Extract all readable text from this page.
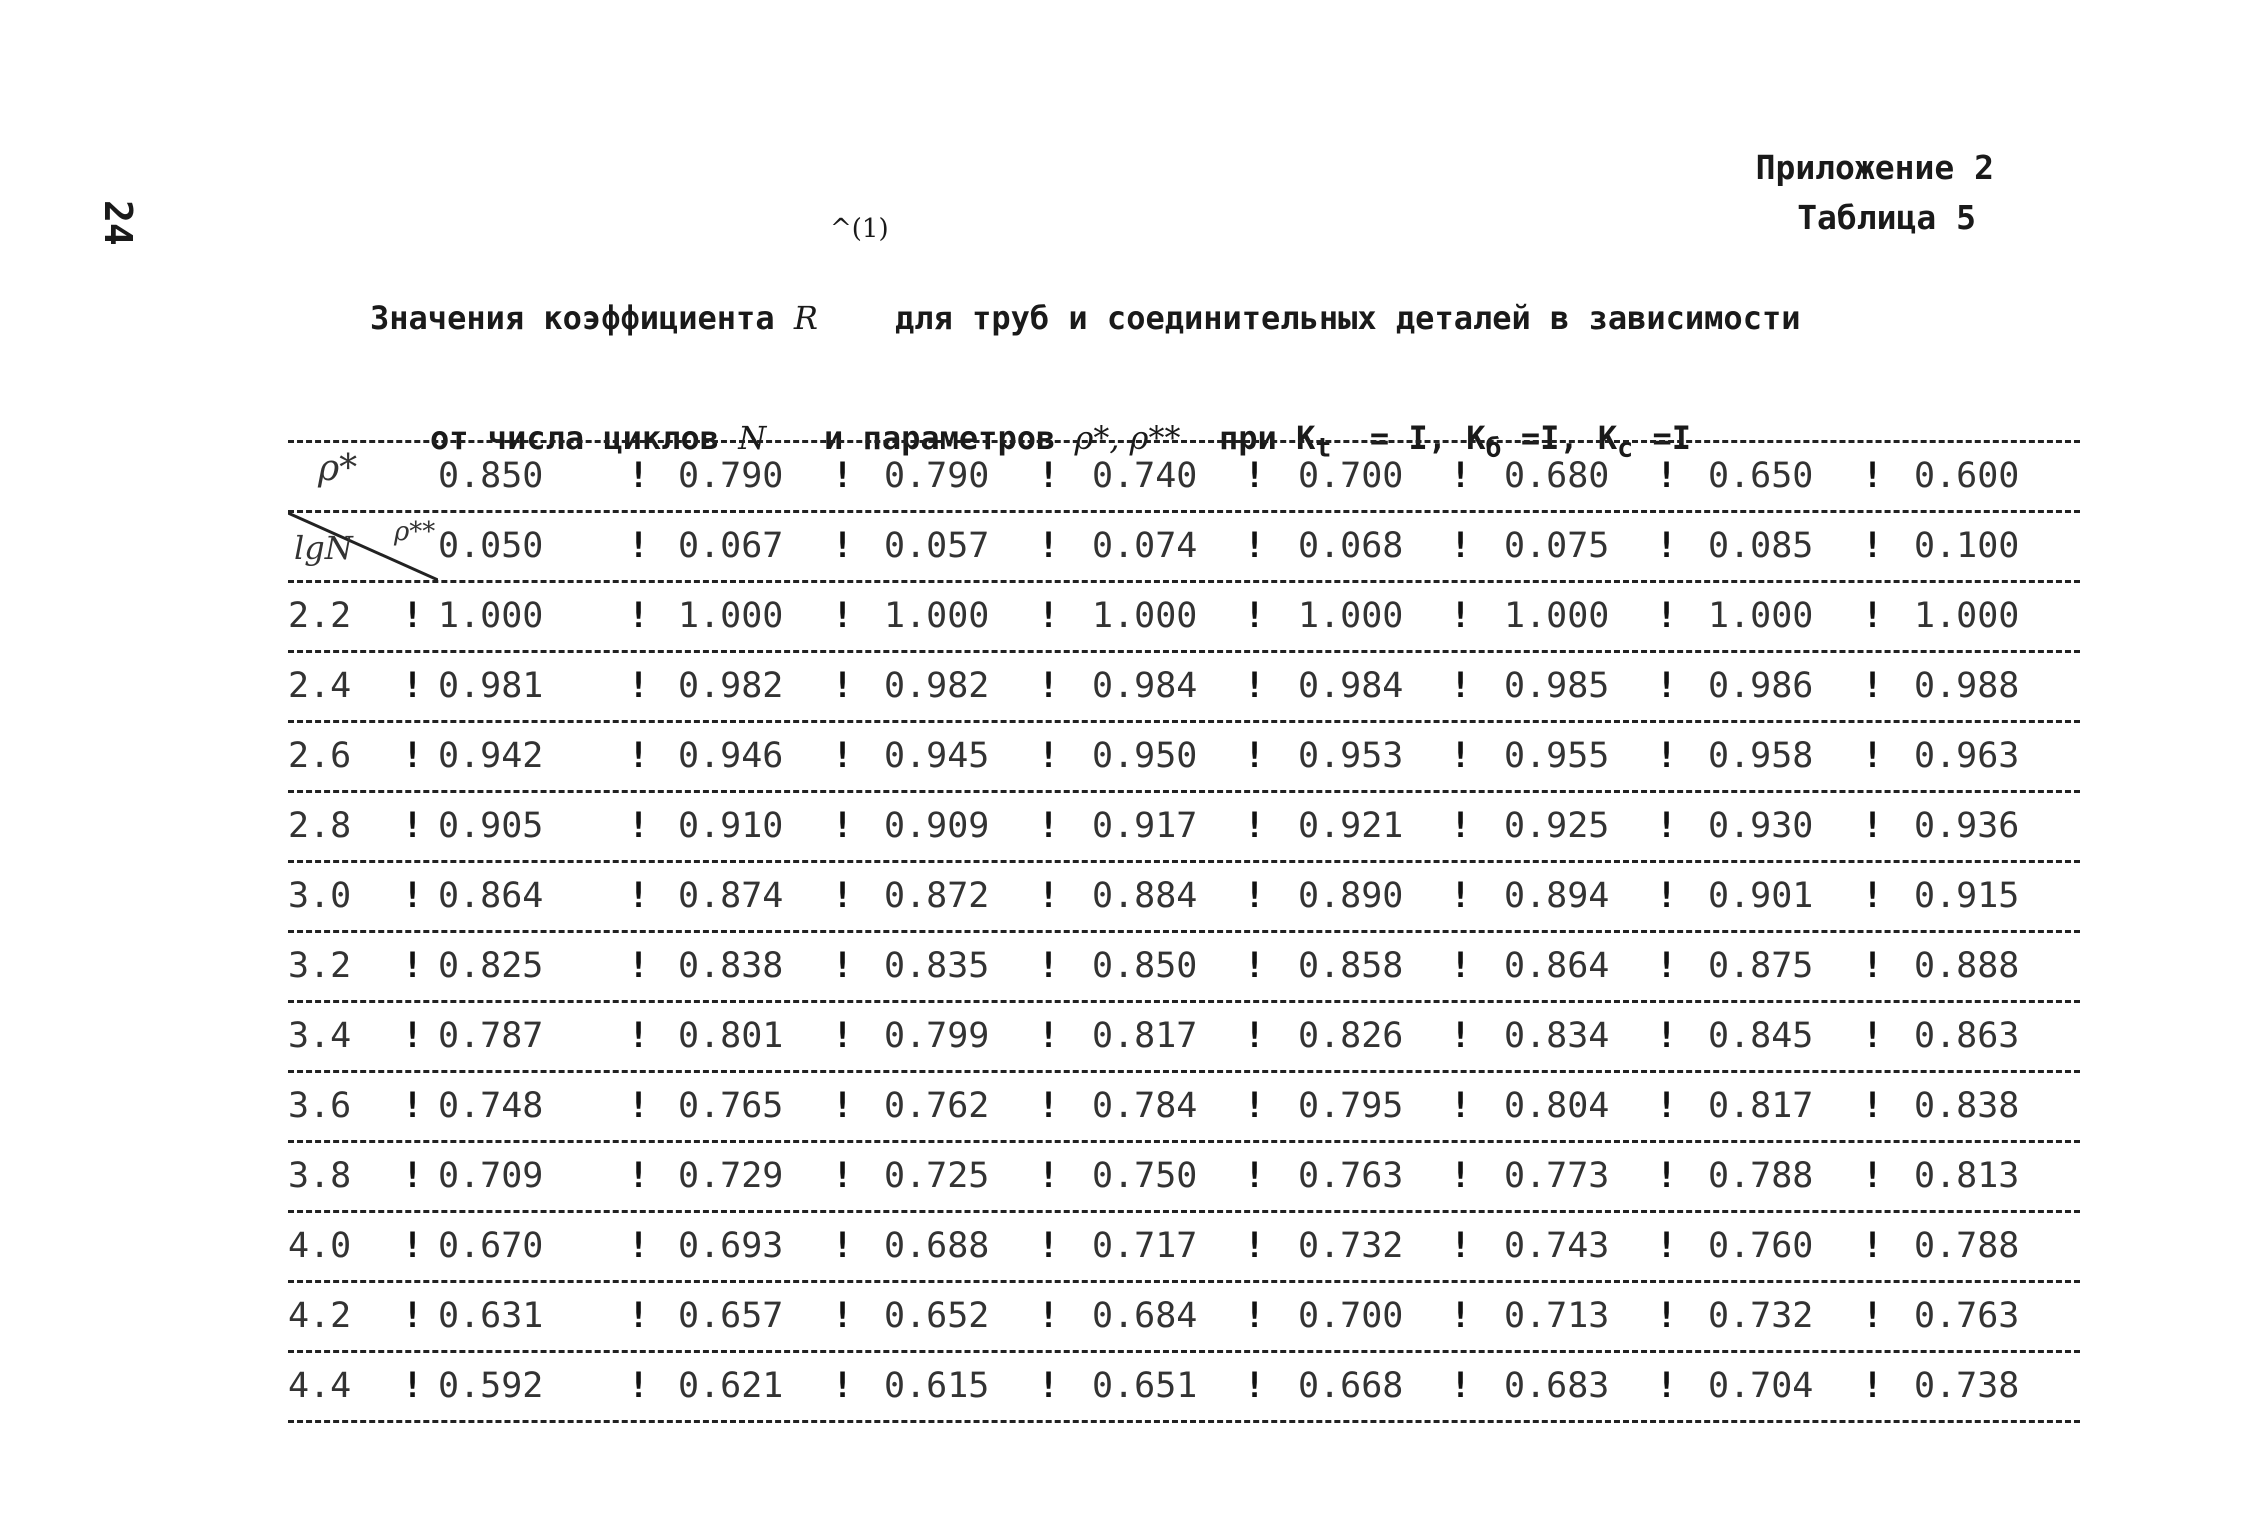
24
Приложение 2
Таблица 5
^(1)

Значения коэффициента R    для труб и соединительных деталей в зависимости

от числа циклов N   и параметров ρ*, ρ**  при $K_t = I$, $K_б =I$, $K_c =I$

ρ* 0.850 ! 0.790 ! 0.790 ! 0.740 ! 0.700 ! 0.680 ! 0.650 ! 0.600
lgN ρ** 0.050 ! 0.067 ! 0.057 ! 0.074 ! 0.068 ! 0.075 ! 0.085 ! 0.100
2.2 ! 1.000 ! 1.000 ! 1.000 ! 1.000 ! 1.000 ! 1.000 ! 1.000 ! 1.000
2.4 ! 0.981 ! 0.982 ! 0.982 ! 0.984 ! 0.984 ! 0.985 ! 0.986 ! 0.988
2.6 ! 0.942 ! 0.946 ! 0.945 ! 0.950 ! 0.953 ! 0.955 ! 0.958 ! 0.963
2.8 ! 0.905 ! 0.910 ! 0.909 ! 0.917 ! 0.921 ! 0.925 ! 0.930 ! 0.936
3.0 ! 0.864 ! 0.874 ! 0.872 ! 0.884 ! 0.890 ! 0.894 ! 0.901 ! 0.915
3.2 ! 0.825 ! 0.838 ! 0.835 ! 0.850 ! 0.858 ! 0.864 ! 0.875 ! 0.888
3.4 ! 0.787 ! 0.801 ! 0.799 ! 0.817 ! 0.826 ! 0.834 ! 0.845 ! 0.863
3.6 ! 0.748 ! 0.765 ! 0.762 ! 0.784 ! 0.795 ! 0.804 ! 0.817 ! 0.838
3.8 ! 0.709 ! 0.729 ! 0.725 ! 0.750 ! 0.763 ! 0.773 ! 0.788 ! 0.813
4.0 ! 0.670 ! 0.693 ! 0.688 ! 0.717 ! 0.732 ! 0.743 ! 0.760 ! 0.788
4.2 ! 0.631 ! 0.657 ! 0.652 ! 0.684 ! 0.700 ! 0.713 ! 0.732 ! 0.763
4.4 ! 0.592 ! 0.621 ! 0.615 ! 0.651 ! 0.668 ! 0.683 ! 0.704 ! 0.738
